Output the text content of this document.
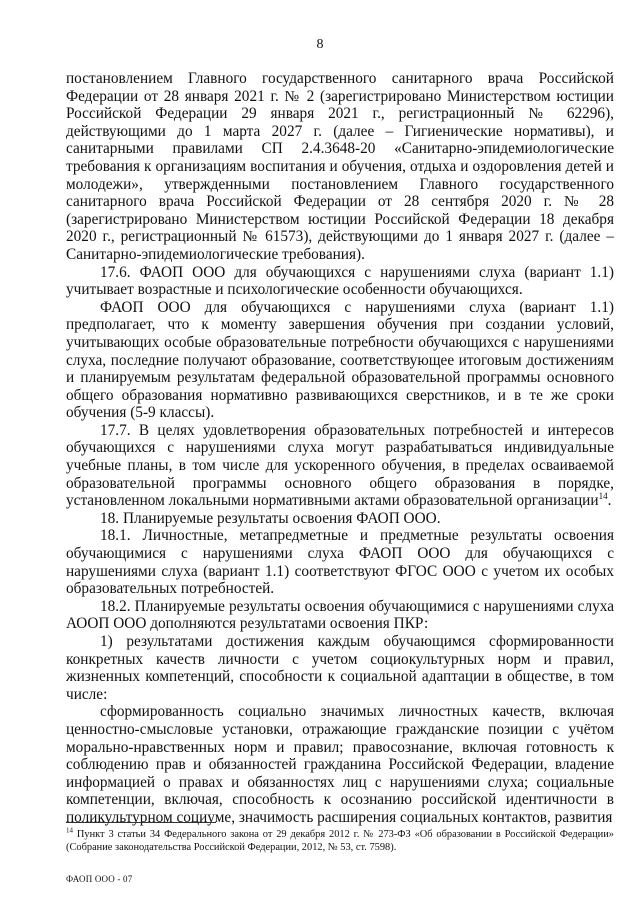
8

постановлением Главного государственного санитарного врача Российской Федерации от 28 января 2021 г. № 2 (зарегистрировано Министерством юстиции Российской Федерации 29 января 2021 г., регистрационный № 62296), действующими до 1 марта 2027 г. (далее – Гигиенические нормативы), и санитарными правилами СП 2.4.3648-20 «Санитарно-эпидемиологические требования к организациям воспитания и обучения, отдыха и оздоровления детей и молодежи», утвержденными постановлением Главного государственного санитарного врача Российской Федерации от 28 сентября 2020 г. № 28 (зарегистрировано Министерством юстиции Российской Федерации 18 декабря 2020 г., регистрационный № 61573), действующими до 1 января 2027 г. (далее – Санитарно-эпидемиологические требования).

17.6. ФАОП ООО для обучающихся с нарушениями слуха (вариант 1.1) учитывает возрастные и психологические особенности обучающихся.

ФАОП ООО для обучающихся с нарушениями слуха (вариант 1.1) предполагает, что к моменту завершения обучения при создании условий, учитывающих особые образовательные потребности обучающихся с нарушениями слуха, последние получают образование, соответствующее итоговым достижениям и планируемым результатам федеральной образовательной программы основного общего образования нормативно развивающихся сверстников, и в те же сроки обучения (5-9 классы).

17.7. В целях удовлетворения образовательных потребностей и интересов обучающихся с нарушениями слуха могут разрабатываться индивидуальные учебные планы, в том числе для ускоренного обучения, в пределах осваиваемой образовательной программы основного общего образования в порядке, установленном локальными нормативными актами образовательной организации$^{14}$.

18. Планируемые результаты освоения ФАОП ООО.

18.1. Личностные, метапредметные и предметные результаты освоения обучающимися с нарушениями слуха ФАОП ООО для обучающихся с нарушениями слуха (вариант 1.1) соответствуют ФГОС ООО с учетом их особых образовательных потребностей.

18.2. Планируемые результаты освоения обучающимися с нарушениями слуха АООП ООО дополняются результатами освоения ПКР:

1) результатами достижения каждым обучающимся сформированности конкретных качеств личности с учетом социокультурных норм и правил, жизненных компетенций, способности к социальной адаптации в обществе, в том числе:

сформированность социально значимых личностных качеств, включая ценностно-смысловые установки, отражающие гражданские позиции с учётом морально-нравственных норм и правил; правосознание, включая готовность к соблюдению прав и обязанностей гражданина Российской Федерации, владение информацией о правах и обязанностях лиц с нарушениями слуха; социальные компетенции, включая, способность к осознанию российской идентичности в поликультурном социуме, значимость расширения социальных контактов, развития

$^{14}$ Пункт 3 статьи 34 Федерального закона от 29 декабря 2012 г. № 273-ФЗ «Об образовании в Российской Федерации» (Собрание законодательства Российской Федерации, 2012, № 53, ст. 7598).
ФАОП ООО - 07
